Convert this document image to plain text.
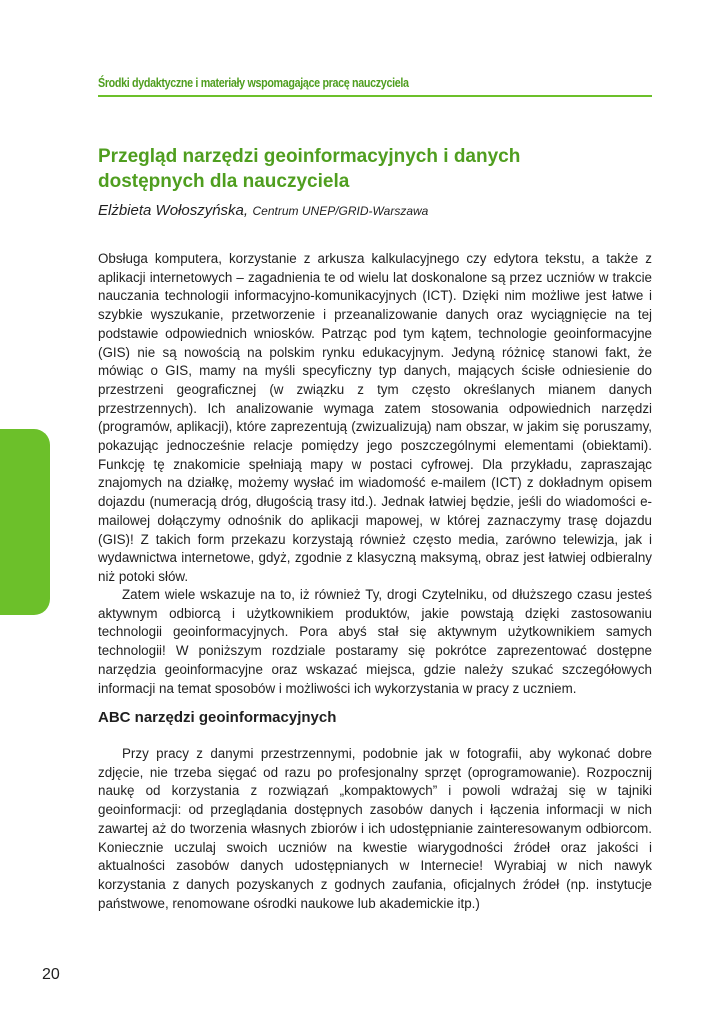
Środki dydaktyczne i materiały wspomagające pracę nauczyciela
Przegląd narzędzi geoinformacyjnych i danych dostępnych dla nauczyciela
Elżbieta Wołoszyńska, Centrum UNEP/GRID-Warszawa

Obsługa komputera, korzystanie z arkusza kalkulacyjnego czy edytora tekstu, a także z aplikacji internetowych – zagadnienia te od wielu lat doskonalone są przez uczniów w trakcie nauczania technologii informacyjno-komunikacyjnych (ICT). Dzięki nim możliwe jest łatwe i szybkie wyszukanie, przetworzenie i przeanalizowanie danych oraz wyciągnięcie na tej podstawie odpowiednich wniosków. Patrząc pod tym kątem, technologie geoinformacyjne (GIS) nie są nowością na polskim rynku edukacyjnym. Jedyną różnicę stanowi fakt, że mówiąc o GIS, mamy na myśli specyficzny typ danych, mających ścisłe odniesienie do przestrzeni geograficznej (w związku z tym często określanych mianem danych przestrzennych). Ich analizowanie wymaga zatem stosowania odpowiednich narzędzi (programów, aplikacji), które zaprezentują (zwizualizują) nam obszar, w jakim się poruszamy, pokazując jednocześnie relacje pomiędzy jego poszczególnymi elementami (obiektami). Funkcję tę znakomicie spełniają mapy w postaci cyfrowej. Dla przykładu, zapraszając znajomych na działkę, możemy wysłać im wiadomość e-mailem (ICT) z dokładnym opisem dojazdu (numeracją dróg, długością trasy itd.). Jednak łatwiej będzie, jeśli do wiadomości e-mailowej dołączymy odnośnik do aplikacji mapowej, w której zaznaczymy trasę dojazdu (GIS)! Z takich form przekazu korzystają również często media, zarówno telewizja, jak i wydawnictwa internetowe, gdyż, zgodnie z klasyczną maksymą, obraz jest łatwiej odbieralny niż potoki słów.

Zatem wiele wskazuje na to, iż również Ty, drogi Czytelniku, od dłuższego czasu jesteś aktywnym odbiorcą i użytkownikiem produktów, jakie powstają dzięki zastosowaniu technologii geoinformacyjnych. Pora abyś stał się aktywnym użytkownikiem samych technologii! W poniższym rozdziale postaramy się pokrótce zaprezentować dostępne narzędzia geoinformacyjne oraz wskazać miejsca, gdzie należy szukać szczegółowych informacji na temat sposobów i możliwości ich wykorzystania w pracy z uczniem.

ABC narzędzi geoinformacyjnych

Przy pracy z danymi przestrzennymi, podobnie jak w fotografii, aby wykonać dobre zdjęcie, nie trzeba sięgać od razu po profesjonalny sprzęt (oprogramowanie). Rozpocznij naukę od korzystania z rozwiązań „kompaktowych” i powoli wdrażaj się w tajniki geoinformacji: od przeglądania dostępnych zasobów danych i łączenia informacji w nich zawartej aż do tworzenia własnych zbiorów i ich udostępnianie zainteresowanym odbiorcom. Koniecznie uczulaj swoich uczniów na kwestie wiarygodności źródeł oraz jakości i aktualności zasobów danych udostępnianych w Internecie! Wyrabiaj w nich nawyk korzystania z danych pozyskanych z godnych zaufania, oficjalnych źródeł (np. instytucje państwowe, renomowane ośrodki naukowe lub akademickie itp.)

20
